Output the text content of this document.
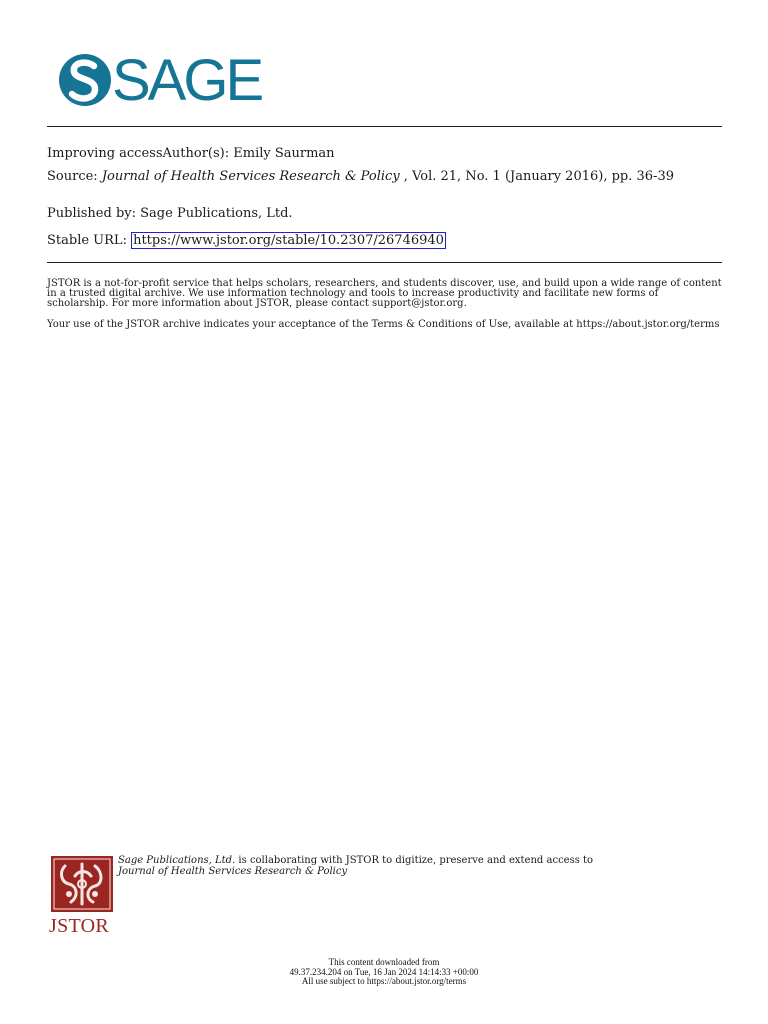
SAGE
Improving accessAuthor(s): Emily Saurman
Source: Journal of Health Services Research & Policy , Vol. 21, No. 1 (January 2016), pp. 36-39
Published by: Sage Publications, Ltd.
Stable URL: https://www.jstor.org/stable/10.2307/26746940
JSTOR is a not-for-profit service that helps scholars, researchers, and students discover, use, and build upon a wide range of content in a trusted digital archive. We use information technology and tools to increase productivity and facilitate new forms of scholarship. For more information about JSTOR, please contact support@jstor.org.
Your use of the JSTOR archive indicates your acceptance of the Terms & Conditions of Use, available at https://about.jstor.org/terms
JSTOR
Sage Publications, Ltd. is collaborating with JSTOR to digitize, preserve and extend access to
Journal of Health Services Research & Policy
This content downloaded from
49.37.234.204 on Tue, 16 Jan 2024 14:14:33 +00:00
All use subject to https://about.jstor.org/terms
